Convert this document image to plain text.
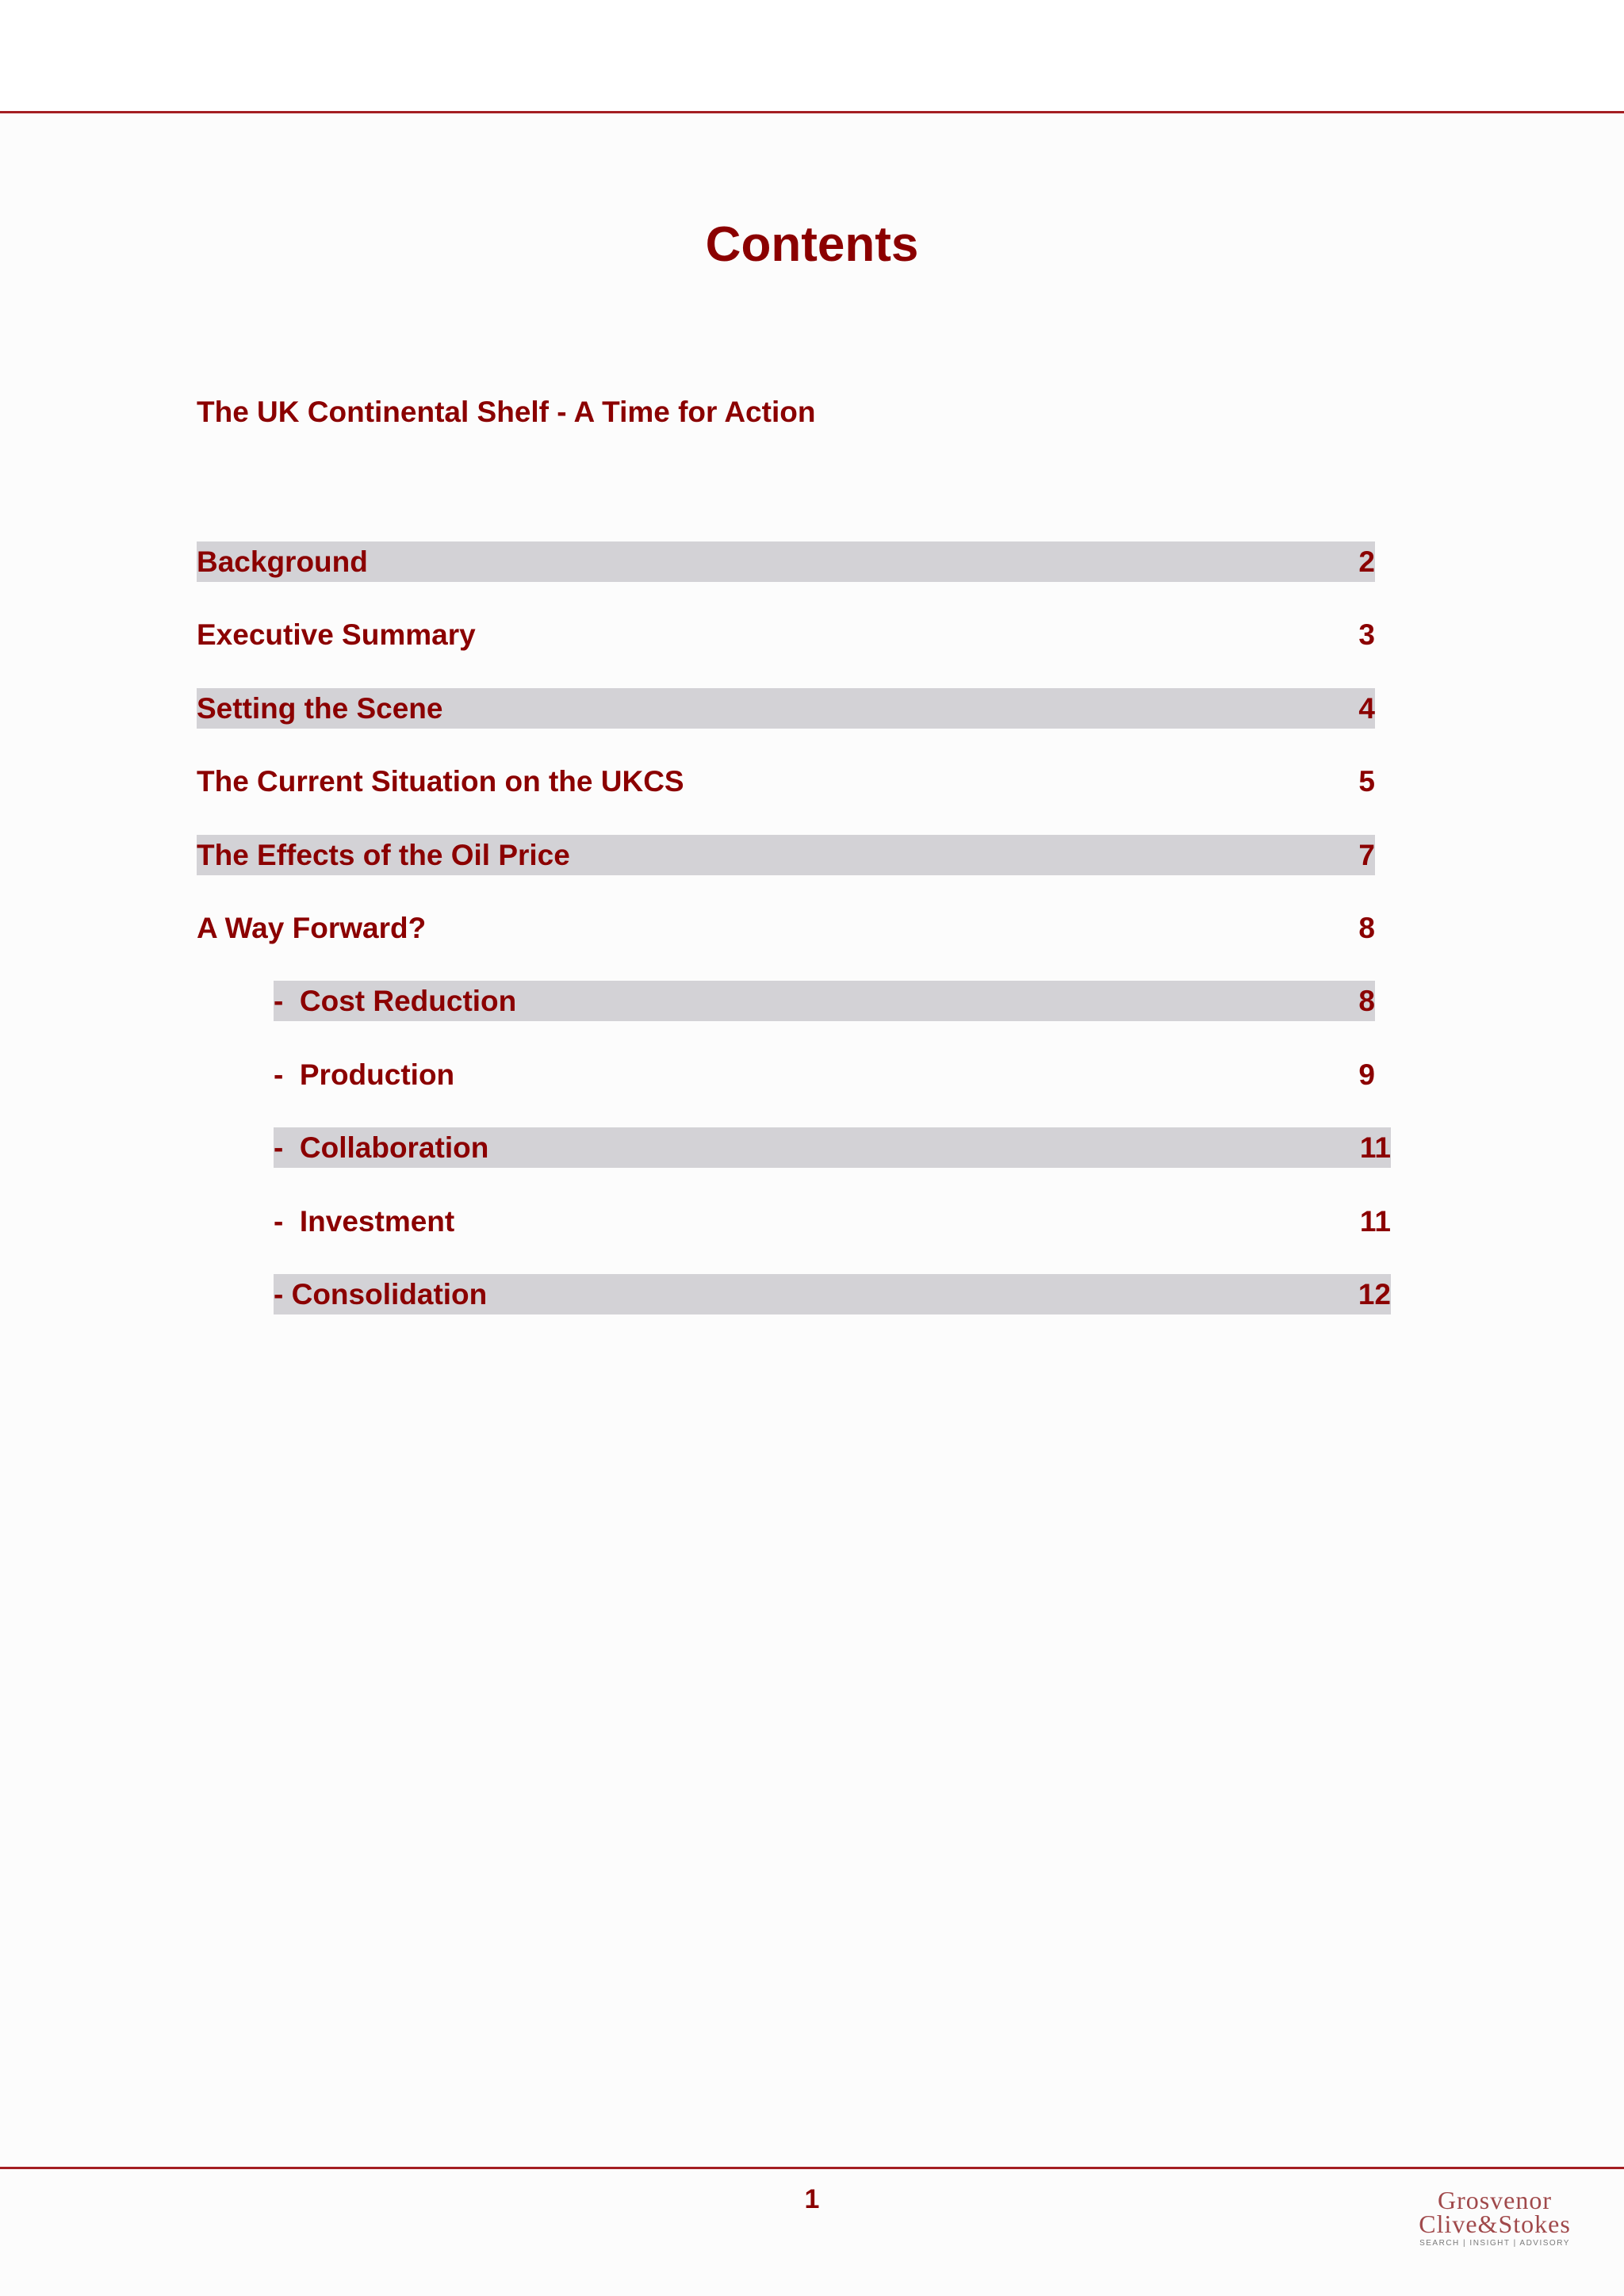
Contents
The UK Continental Shelf - A Time for Action
Background	2
Executive Summary	3
Setting the Scene	4
The Current Situation on the UKCS	5
The Effects of the Oil Price	7
A Way Forward?	8
-  Cost Reduction	8
-  Production	9
-  Collaboration	11
-  Investment	11
- Consolidation	12
1	Grosvenor
Clive&Stokes
SEARCH | INSIGHT | ADVISORY
